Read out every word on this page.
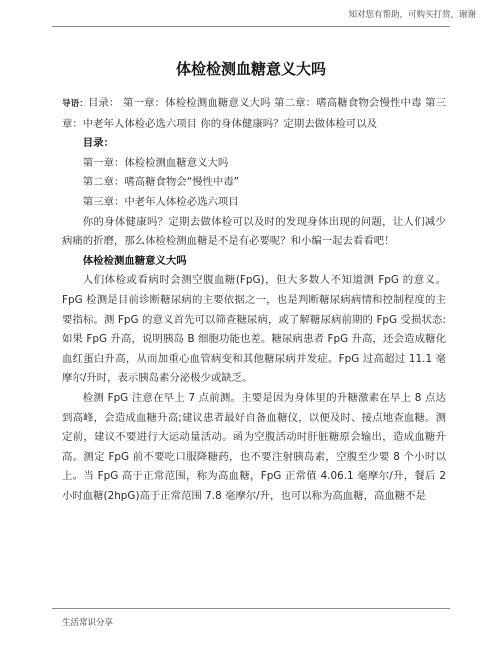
知对您有帮助，可购买打赏，谢谢
体检检测血糖意义大吗

导语：目录： 第一章：体检检测血糖意义大吗 第二章：嗜高糖食物会慢性中毒 第三章：中老年人体检必选六项目 你的身体健康吗？定期去做体检可以及

目录：

第一章：体检检测血糖意义大吗

第二章：嗜高糖食物会“慢性中毒”

第三章：中老年人体检必选六项目

你的身体健康吗？定期去做体检可以及时的发现身体出现的问题，让人们减少病痛的折磨，那么体检检测血糖是不是有必要呢？和小编一起去看看吧！

体检检测血糖意义大吗

人们体检或看病时会测空腹血糖(FpG)，但大多数人不知道测 FpG 的意义。FpG 检测是目前诊断糖尿病的主要依据之一，也是判断糖尿病病情和控制程度的主要指标。测 FpG 的意义首先可以筛查糖尿病，或了解糖尿病前期的 FpG 受损状态:如果 FpG 升高，说明胰岛 B 细胞功能也差。糖尿病患者 FpG 升高，还会造成糖化血红蛋白升高，从而加重心血管病变和其他糖尿病并发症。FpG 过高超过 11.1 毫摩尔/升时，表示胰岛素分泌极少或缺乏。

检测 FpG 注意在早上 7 点前测。主要是因为身体里的升糖激素在早上 8 点达到高峰，会造成血糖升高;建议患者最好自备血糖仪，以便及时、接点地查血糖。测定前，建议不要进行大运动量活动。函为空腹活动时肝脏糖原会输出，造成血糖升高。测定 FpG 前不要吃口服降糖药，也不要注射胰岛素，空腹至少要 8 个小时以上。当 FpG 高于正常范围，称为高血糖，FpG 正常值 4.06.1 毫摩尔/升，餐后 2 小时血糖(2hpG)高于正常范围 7.8 毫摩尔/升，也可以称为高血糖，高血糖不是

生活常识分享
